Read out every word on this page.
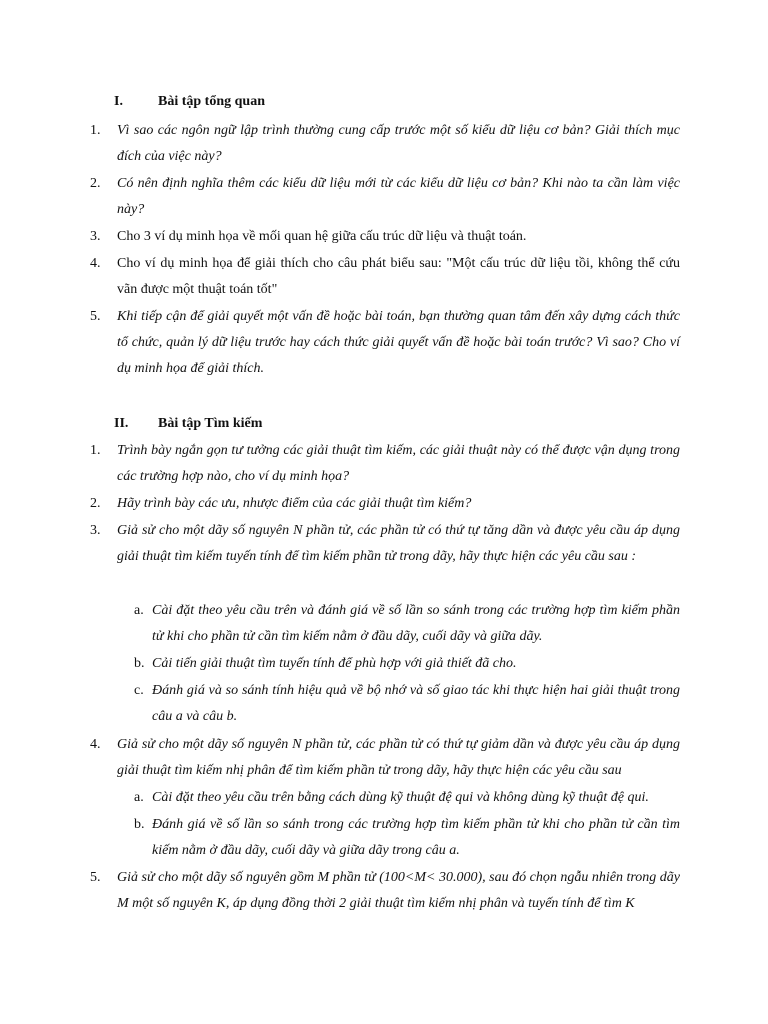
I.	Bài tập tổng quan
1. Vì sao các ngôn ngữ lập trình thường cung cấp trước một số kiểu dữ liệu cơ bản? Giải thích mục đích của việc này?
2. Có nên định nghĩa thêm các kiểu dữ liệu mới từ các kiểu dữ liệu cơ bản? Khi nào ta cần làm việc này?
3. Cho 3 ví dụ minh họa về mối quan hệ giữa cấu trúc dữ liệu và thuật toán.
4. Cho ví dụ minh họa để giải thích cho câu phát biểu sau: "Một cấu trúc dữ liệu tồi, không thể cứu vãn được một thuật toán tốt"
5. Khi tiếp cận để giải quyết một vấn đề hoặc bài toán, bạn thường quan tâm đến xây dựng cách thức tổ chức, quản lý dữ liệu trước hay cách thức giải quyết vấn đề hoặc bài toán trước? Vì sao? Cho ví dụ minh họa để giải thích.
II. Bài tập Tìm kiếm
1. Trình bày ngắn gọn tư tưởng các giải thuật tìm kiếm, các giải thuật này có thể được vận dụng trong các trường hợp nào, cho ví dụ minh họa?
2. Hãy trình bày các ưu, nhược điểm của các giải thuật tìm kiếm?
3. Giả sử cho một dãy số nguyên N phần tử, các phần tử có thứ tự tăng dần và được yêu cầu áp dụng giải thuật tìm kiếm tuyến tính để tìm kiếm phần tử trong dãy, hãy thực hiện các yêu cầu sau :
a. Cài đặt theo yêu cầu trên và đánh giá về số lần so sánh trong các trường hợp tìm kiếm phần tử khi cho phần tử cần tìm kiếm nằm ở đầu dãy, cuối dãy và giữa dãy.
b. Cải tiến giải thuật tìm tuyến tính để phù hợp với giả thiết đã cho.
c. Đánh giá và so sánh tính hiệu quả về bộ nhớ và số giao tác khi thực hiện hai giải thuật trong câu a và câu b.
4. Giả sử cho một dãy số nguyên N phần tử, các phần tử có thứ tự giảm dần và được yêu cầu áp dụng giải thuật tìm kiếm nhị phân để tìm kiếm phần tử trong dãy, hãy thực hiện các yêu cầu sau
a. Cài đặt theo yêu cầu trên bằng cách dùng kỹ thuật đệ qui và không dùng kỹ thuật đệ qui.
b. Đánh giá về số lần so sánh trong các trường hợp tìm kiếm phần tử khi cho phần tử cần tìm kiếm nằm ở đầu dãy, cuối dãy và giữa dãy trong câu a.
5. Giả sử cho một dãy số nguyên gồm M phần tử (100<M< 30.000), sau đó chọn ngẫu nhiên trong dãy M một số nguyên K, áp dụng đồng thời 2 giải thuật tìm kiếm nhị phân và tuyến tính để tìm K
